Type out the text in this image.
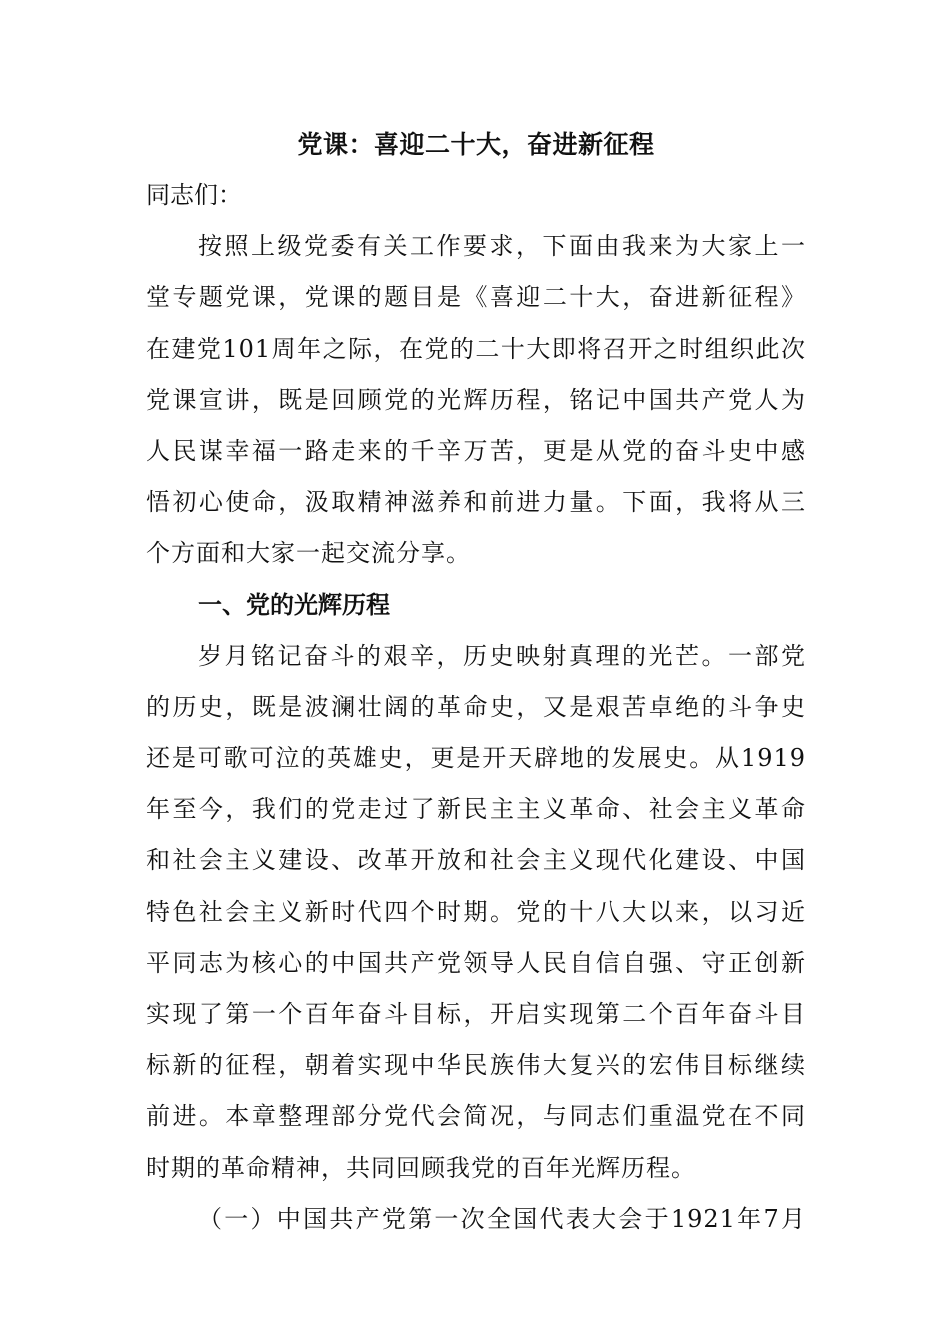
党课：喜迎二十大，奋进新征程
同志们：
按照上级党委有关工作要求，下面由我来为大家上一
堂专题党课，党课的题目是《喜迎二十大，奋进新征程》
在建党101周年之际，在党的二十大即将召开之时组织此次
党课宣讲，既是回顾党的光辉历程，铭记中国共产党人为
人民谋幸福一路走来的千辛万苦，更是从党的奋斗史中感
悟初心使命，汲取精神滋养和前进力量。下面，我将从三
个方面和大家一起交流分享。
一、党的光辉历程
岁月铭记奋斗的艰辛，历史映射真理的光芒。一部党
的历史，既是波澜壮阔的革命史，又是艰苦卓绝的斗争史
还是可歌可泣的英雄史，更是开天辟地的发展史。从1919
年至今，我们的党走过了新民主主义革命、社会主义革命
和社会主义建设、改革开放和社会主义现代化建设、中国
特色社会主义新时代四个时期。党的十八大以来，以习近
平同志为核心的中国共产党领导人民自信自强、守正创新
实现了第一个百年奋斗目标，开启实现第二个百年奋斗目
标新的征程，朝着实现中华民族伟大复兴的宏伟目标继续
前进。本章整理部分党代会简况，与同志们重温党在不同
时期的革命精神，共同回顾我党的百年光辉历程。
（一）中国共产党第一次全国代表大会于1921年7月
